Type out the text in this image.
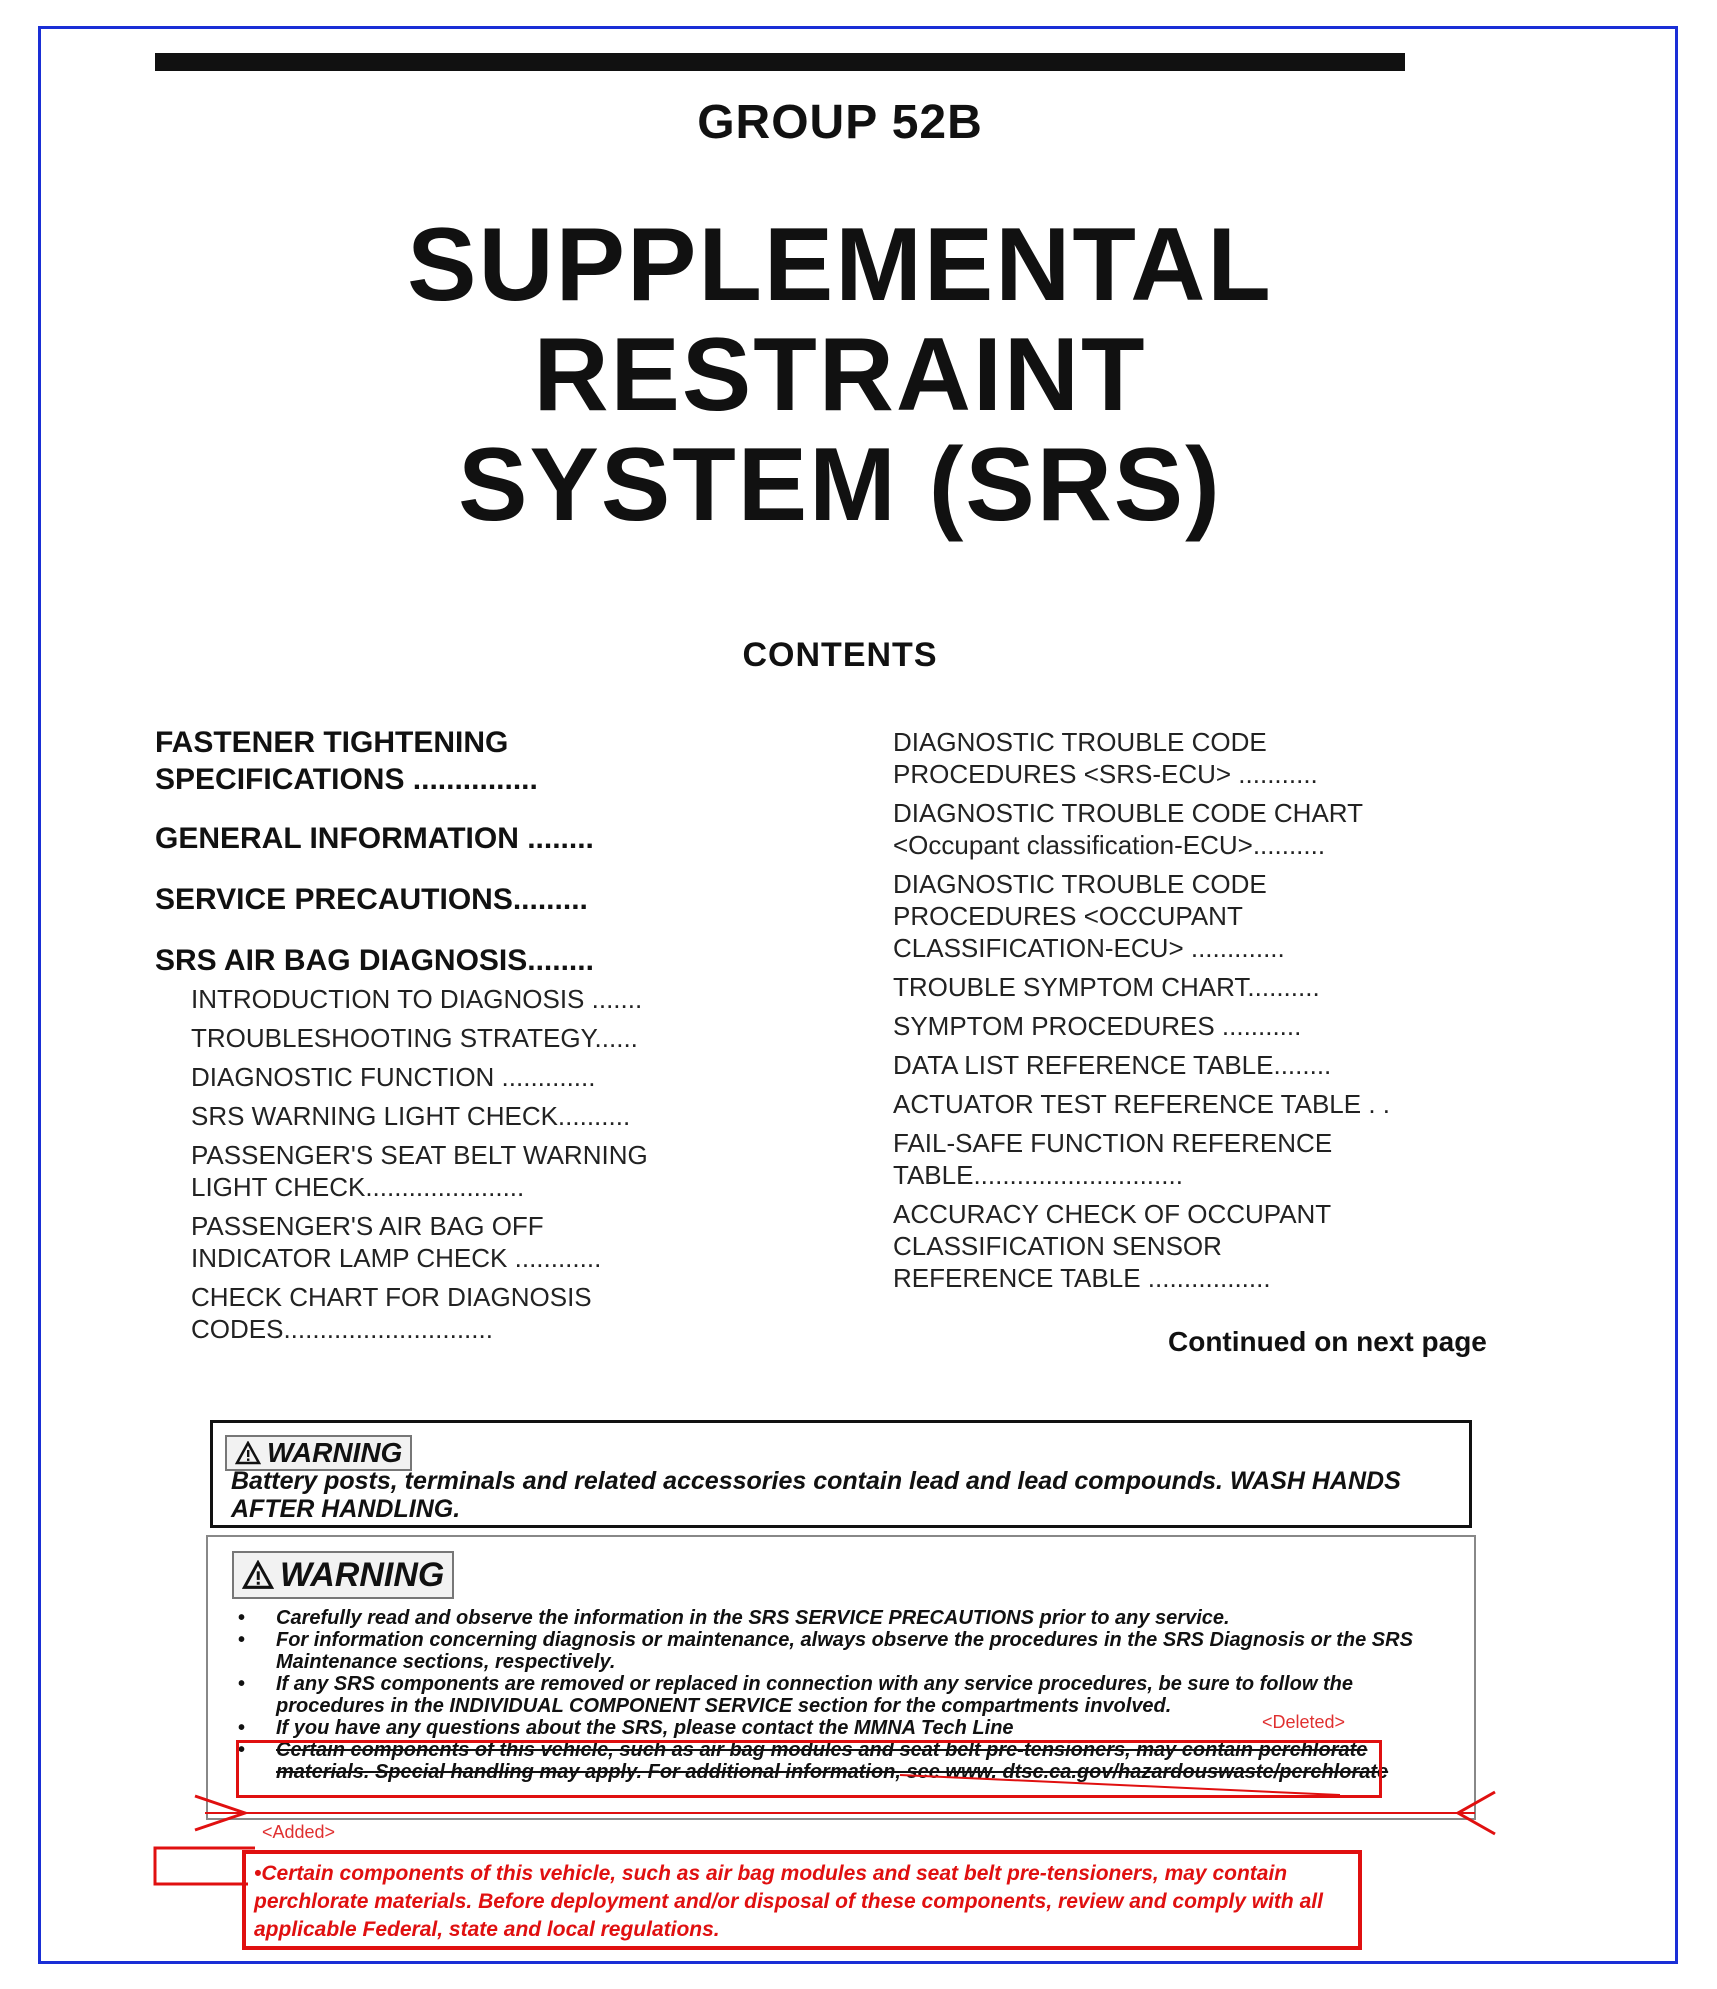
GROUP 52B
SUPPLEMENTAL
RESTRAINT
SYSTEM (SRS)
CONTENTS
FASTENER TIGHTENING
SPECIFICATIONS ...............
GENERAL INFORMATION ........
SERVICE PRECAUTIONS.........
SRS AIR BAG DIAGNOSIS........
INTRODUCTION TO DIAGNOSIS .......
TROUBLESHOOTING STRATEGY......
DIAGNOSTIC FUNCTION .............
SRS WARNING LIGHT CHECK..........
PASSENGER'S SEAT BELT WARNING
LIGHT CHECK......................
PASSENGER'S AIR BAG OFF
INDICATOR LAMP CHECK ............
CHECK CHART FOR DIAGNOSIS
CODES.............................
DIAGNOSTIC TROUBLE CODE
PROCEDURES <SRS-ECU> ...........
DIAGNOSTIC TROUBLE CODE CHART
<Occupant classification-ECU>..........
DIAGNOSTIC TROUBLE CODE
PROCEDURES <OCCUPANT
CLASSIFICATION-ECU> .............
TROUBLE SYMPTOM CHART..........
SYMPTOM PROCEDURES ...........
DATA LIST REFERENCE TABLE........
ACTUATOR TEST REFERENCE TABLE . .
FAIL-SAFE FUNCTION REFERENCE
TABLE.............................
ACCURACY CHECK OF OCCUPANT
CLASSIFICATION SENSOR
REFERENCE TABLE .................
Continued on next page
WARNING
Battery posts, terminals and related accessories contain lead and lead compounds. WASH HANDS AFTER HANDLING.
WARNING
• Carefully read and observe the information in the SRS SERVICE PRECAUTIONS prior to any service.
• For information concerning diagnosis or maintenance, always observe the procedures in the SRS Diagnosis or the SRS Maintenance sections, respectively.
• If any SRS components are removed or replaced in connection with any service procedures, be sure to follow the procedures in the INDIVIDUAL COMPONENT SERVICE section for the compartments involved.
• If you have any questions about the SRS, please contact the MMNA Tech Line
• Certain components of this vehicle, such as air bag modules and seat belt pre-tensioners, may contain perchlorate materials. Special handling may apply. For additional information, see www. dtsc.ca.gov/hazardouswaste/perchlorate
<Deleted>
<Added>
•Certain components of this vehicle, such as air bag modules and seat belt pre-tensioners, may contain perchlorate materials. Before deployment and/or disposal of these components, review and comply with all applicable Federal, state and local regulations.
